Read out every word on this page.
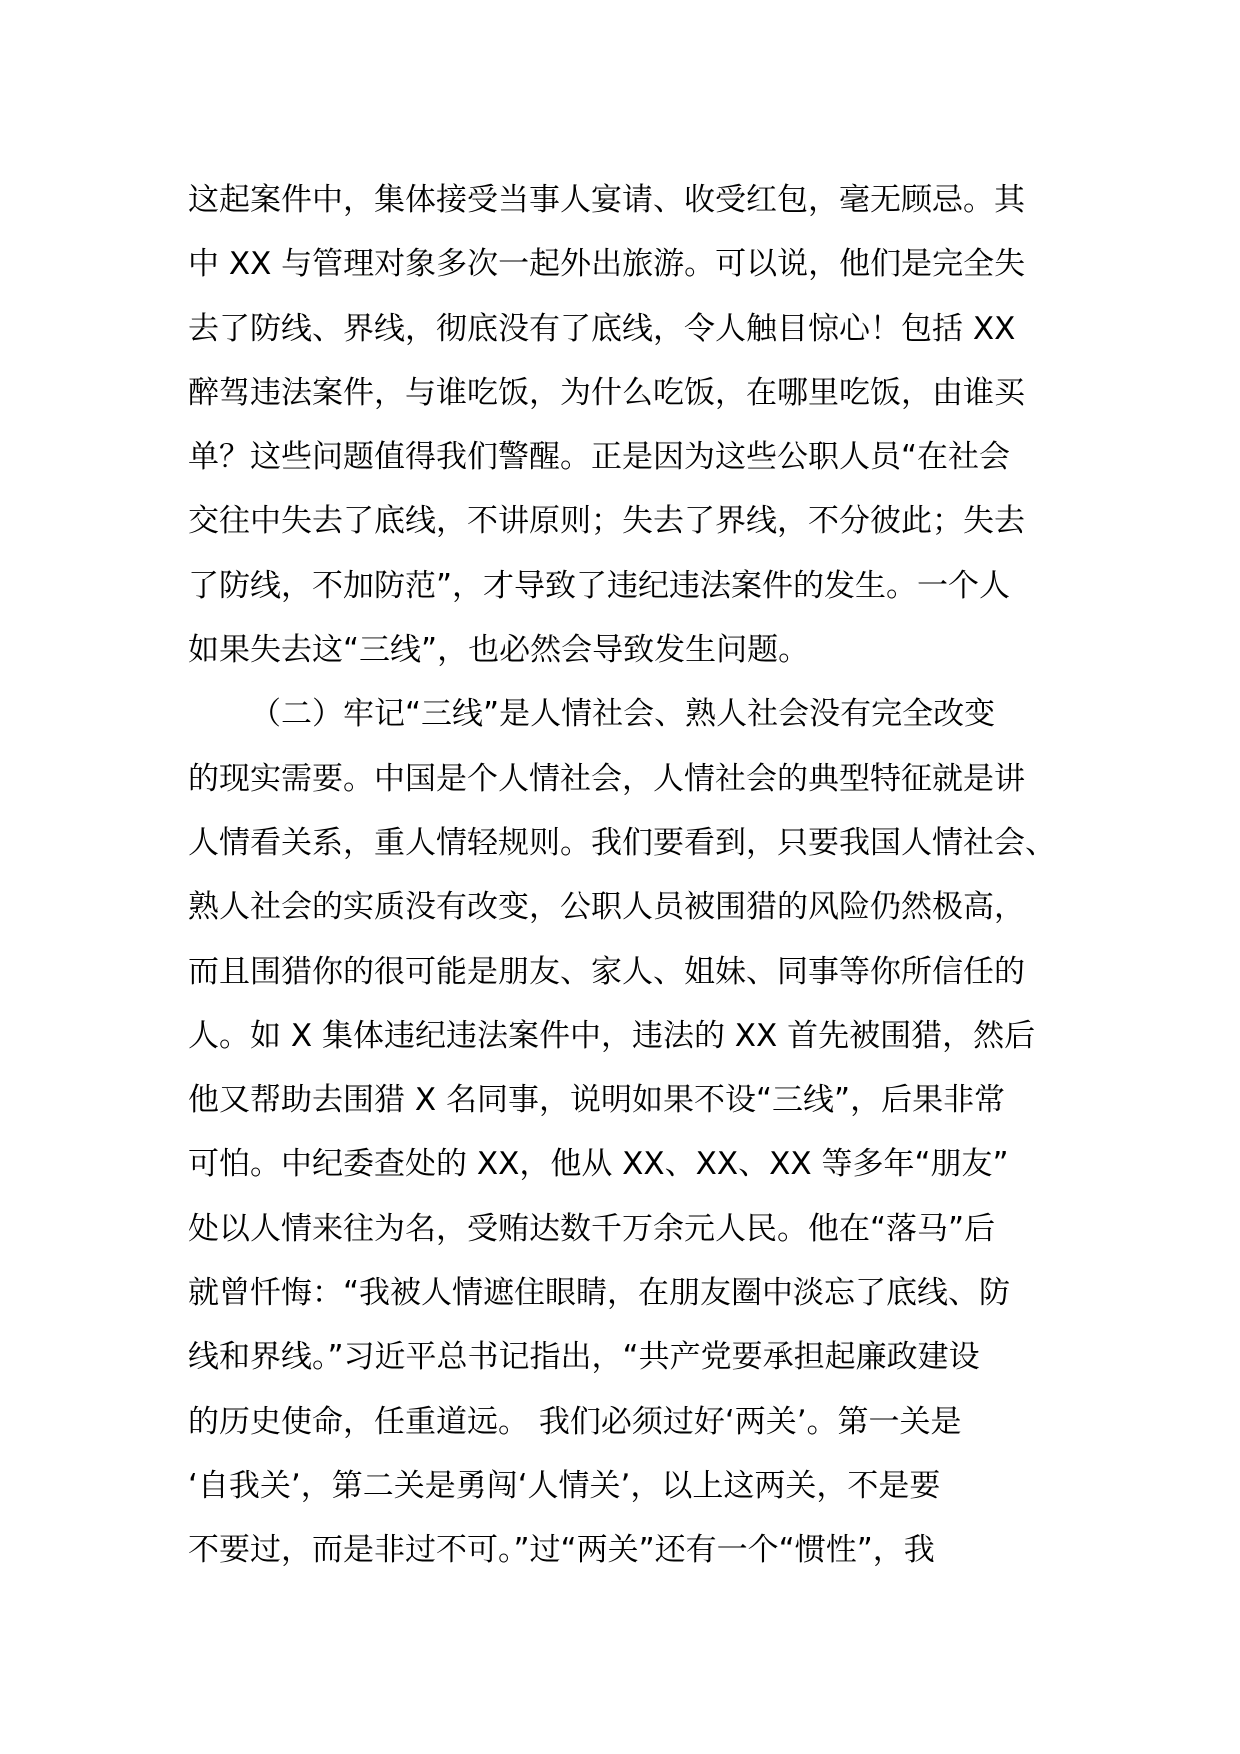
这起案件中，集体接受当事人宴请、收受红包，毫无顾忌。其
中 XX 与管理对象多次一起外出旅游。可以说，他们是完全失
去了防线、界线，彻底没有了底线，令人触目惊心！包括 XX
醉驾违法案件，与谁吃饭，为什么吃饭，在哪里吃饭，由谁买
单？这些问题值得我们警醒。正是因为这些公职人员“在社会
交往中失去了底线，不讲原则；失去了界线，不分彼此；失去
了防线，不加防范”，才导致了违纪违法案件的发生。一个人
如果失去这“三线”，也必然会导致发生问题。
（二）牢记“三线”是人情社会、熟人社会没有完全改变
的现实需要。中国是个人情社会，人情社会的典型特征就是讲
人情看关系，重人情轻规则。我们要看到，只要我国人情社会、
熟人社会的实质没有改变，公职人员被围猎的风险仍然极高，
而且围猎你的很可能是朋友、家人、姐妹、同事等你所信任的
人。如 X 集体违纪违法案件中，违法的 XX 首先被围猎，然后
他又帮助去围猎 X 名同事，说明如果不设“三线”，后果非常
可怕。中纪委查处的 XX，他从 XX、XX、XX 等多年“朋友”
处以人情来往为名，受贿达数千万余元人民。他在“落马”后
就曾忏悔：“我被人情遮住眼睛，在朋友圈中淡忘了底线、防
线和界线。”习近平总书记指出，“共产党要承担起廉政建设
的历史使命，任重道远。 我们必须过好‘两关’。第一关是
‘自我关’，第二关是勇闯‘人情关’，以上这两关，不是要
不要过，而是非过不可。”过“两关”还有一个“惯性”，我
